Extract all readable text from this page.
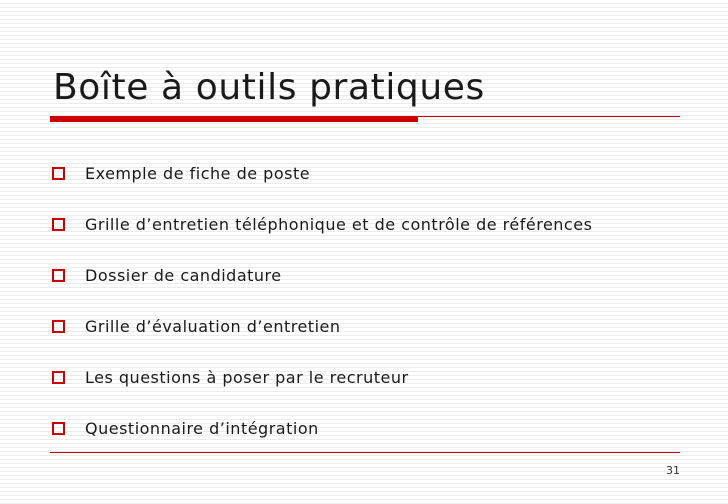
Boîte à outils pratiques
Exemple de fiche de poste
Grille d’entretien téléphonique et de contrôle de références
Dossier de candidature
Grille d’évaluation d’entretien
Les questions à poser par le recruteur
Questionnaire d’intégration
31
